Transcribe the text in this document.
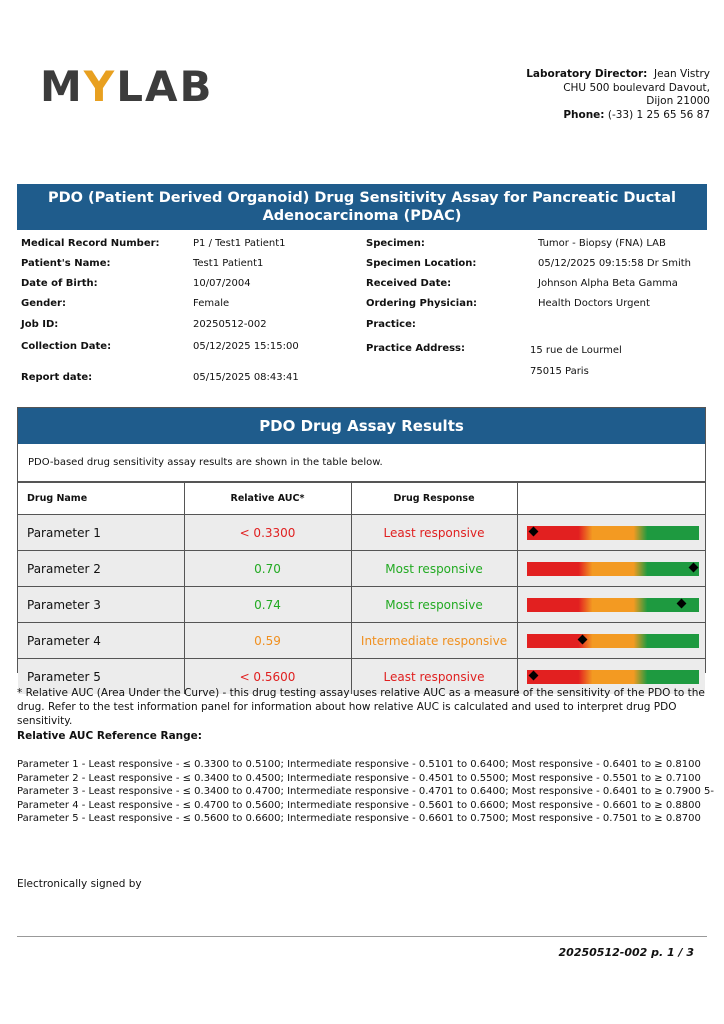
M Y LAB	Laboratory Director: Jean Vistry
CHU 500 boulevard Davout,
Dijon 21000
Phone: (-33) 1 25 65 56 87
PDO (Patient Derived Organoid) Drug Sensitivity Assay for Pancreatic Ductal Adenocarcinoma (PDAC)
Medical Record Number:	P1 / Test1 Patient1
Patient's Name:	Test1 Patient1
Date of Birth:	10/07/2004
Gender:	Female
Job ID:	20250512-002
Collection Date:	05/12/2025 15:15:00
Report date:	05/15/2025 08:43:41
Specimen:	Tumor - Biopsy (FNA) LAB
Specimen Location:	05/12/2025 09:15:58 Dr Smith
Received Date:	Johnson Alpha Beta Gamma
Ordering Physician:	Health Doctors Urgent
Practice:
Practice Address:	15 rue de Lourmel
75015 Paris
PDO Drug Assay Results
PDO-based drug sensitivity assay results are shown in the table below.
Drug Name	Relative AUC*	Drug Response	
Parameter 1	< 0.3300	Least responsive	

Parameter 2	0.70	Most responsive	

Parameter 3	0.74	Most responsive	

Parameter 4	0.59	Intermediate responsive	

Parameter 5	< 0.5600	Least responsive	
* Relative AUC (Area Under the Curve) - this drug testing assay uses relative AUC as a measure of the sensitivity of the PDO to the drug. Refer to the test information panel for information about how relative AUC is calculated and used to interpret drug PDO sensitivity.
Relative AUC Reference Range:
Parameter 1 - Least responsive - ≤ 0.3300 to 0.5100; Intermediate responsive - 0.5101 to 0.6400; Most responsive - 0.6401 to ≥ 0.8100
Parameter 2 - Least responsive - ≤ 0.3400 to 0.4500; Intermediate responsive - 0.4501 to 0.5500; Most responsive - 0.5501 to ≥ 0.7100
Parameter 3 - Least responsive - ≤ 0.3400 to 0.4700; Intermediate responsive - 0.4701 to 0.6400; Most responsive - 0.6401 to ≥ 0.7900 5-
Parameter 4 - Least responsive - ≤ 0.4700 to 0.5600; Intermediate responsive - 0.5601 to 0.6600; Most responsive - 0.6601 to ≥ 0.8800
Parameter 5 - Least responsive - ≤ 0.5600 to 0.6600; Intermediate responsive - 0.6601 to 0.7500; Most responsive - 0.7501 to ≥ 0.8700
Electronically signed by
20250512-002 p. 1 / 3
